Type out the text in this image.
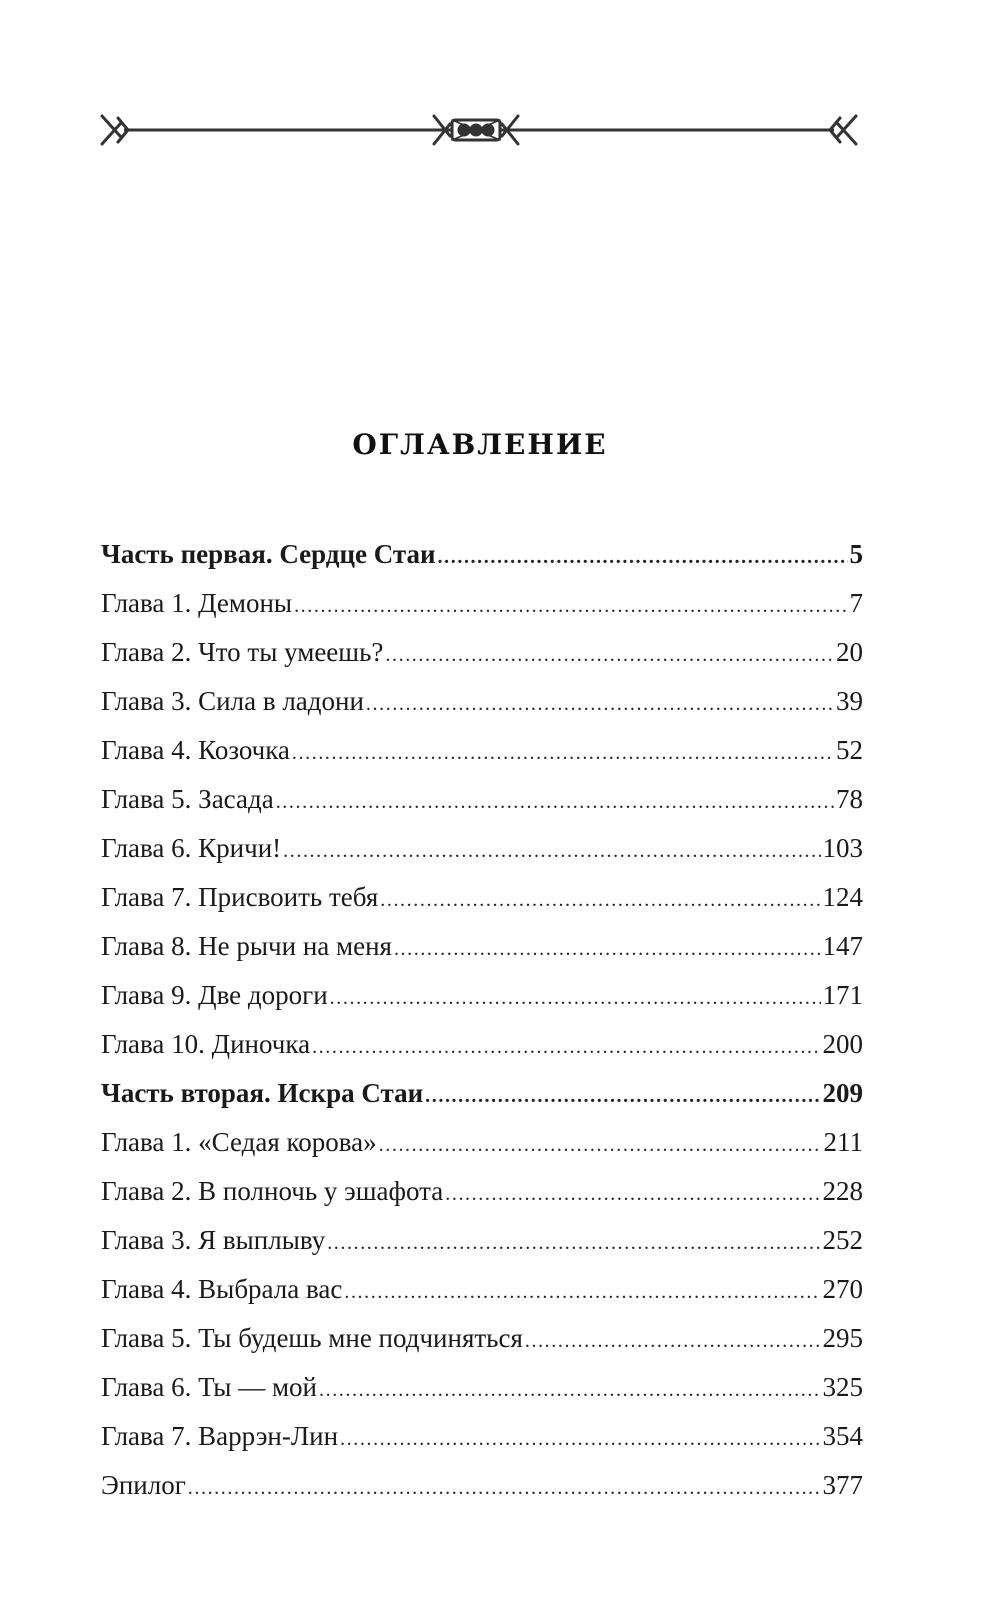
ОГЛАВЛЕНИЕ
Часть первая. Сердце Стаи .....	5
Глава 1. Демоны .....	7
Глава 2. Что ты умеешь? .....	20
Глава 3. Сила в ладони .....	39
Глава 4. Козочка .....	52
Глава 5. Засада .....	78
Глава 6. Кричи! .....	103
Глава 7. Присвоить тебя .....	124
Глава 8. Не рычи на меня .....	147
Глава 9. Две дороги .....	171
Глава 10. Диночка .....	200
Часть вторая. Искра Стаи .....	209
Глава 1. «Седая корова» .....	211
Глава 2. В полночь у эшафота .....	228
Глава 3. Я выплыву .....	252
Глава 4. Выбрала вас .....	270
Глава 5. Ты будешь мне подчиняться .....	295
Глава 6. Ты — мой .....	325
Глава 7. Варрэн-Лин .....	354
Эпилог .....	377
